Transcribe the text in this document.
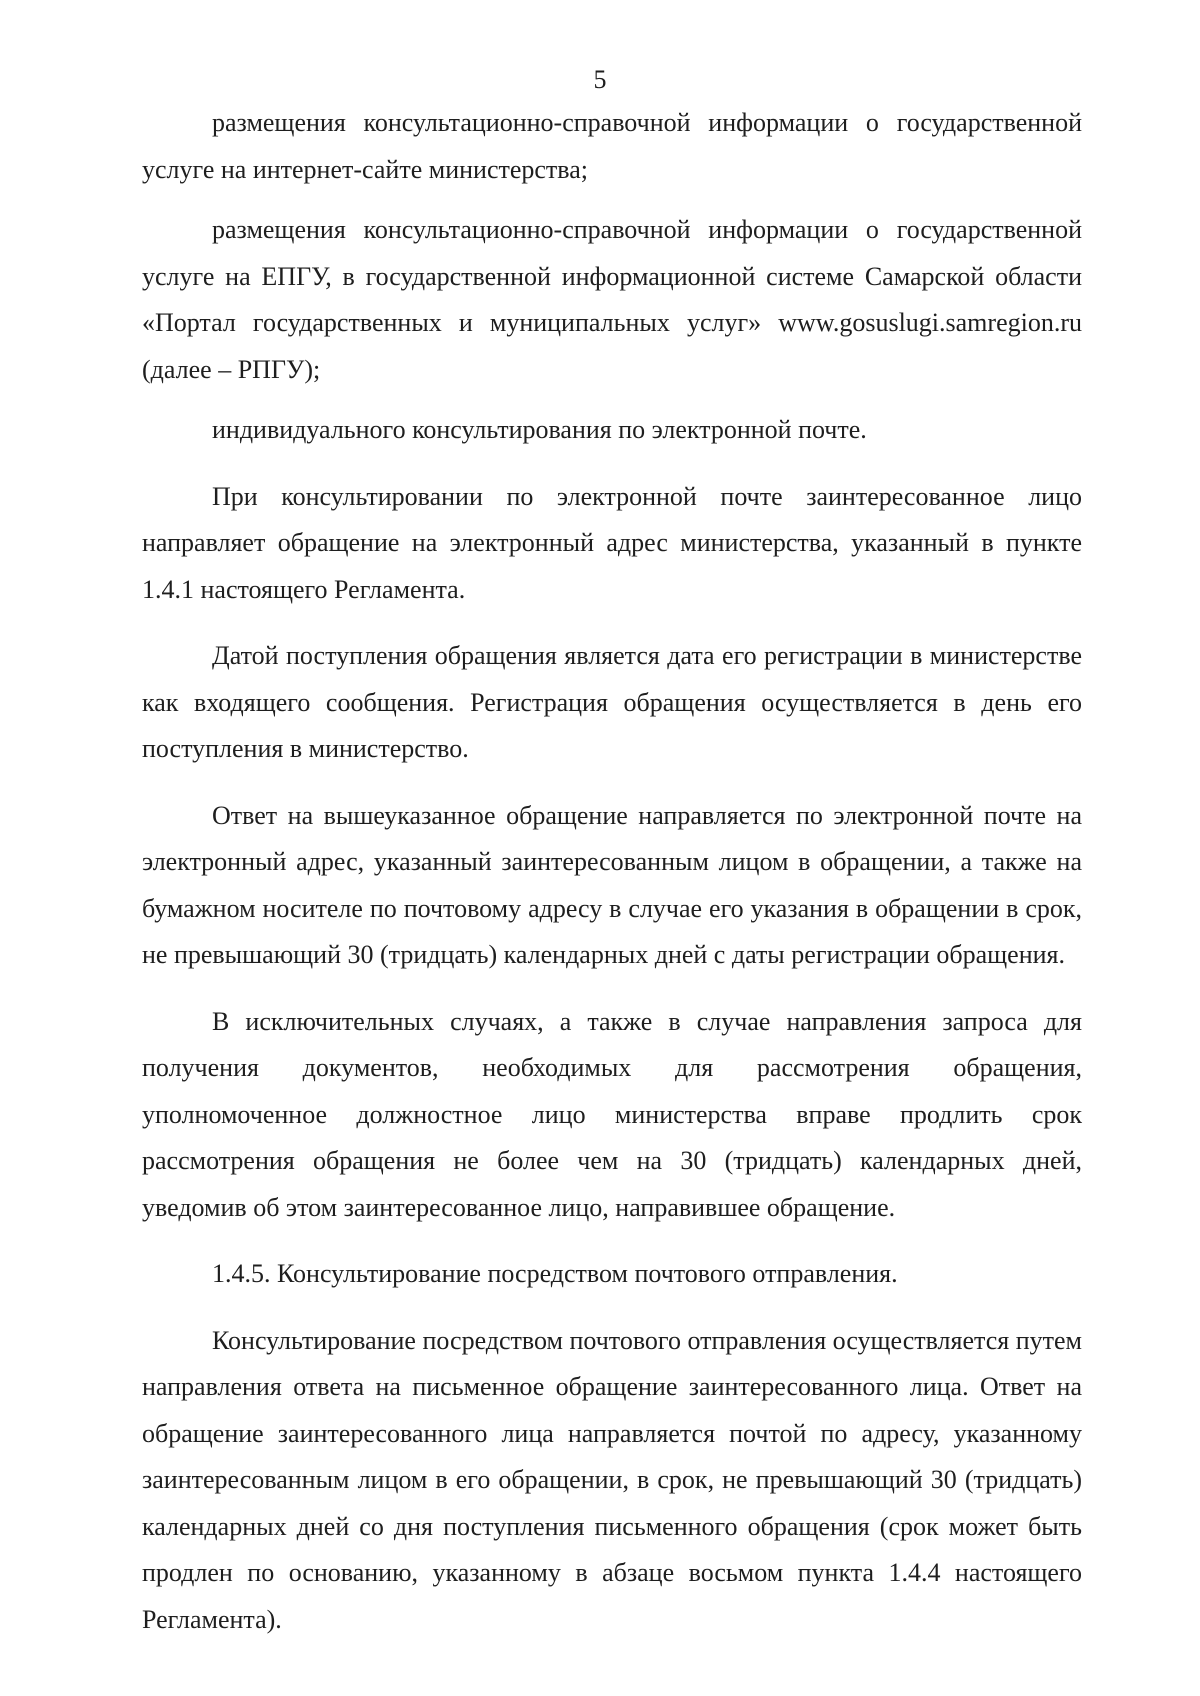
5

размещения консультационно-справочной информации о государственной услуге на интернет-сайте министерства;

размещения консультационно-справочной информации о государственной услуге на ЕПГУ, в государственной информационной системе Самарской области «Портал государственных и муниципальных услуг» www.gosuslugi.samregion.ru (далее – РПГУ);

индивидуального консультирования по электронной почте.

При консультировании по электронной почте заинтересованное лицо направляет обращение на электронный адрес министерства, указанный в пункте 1.4.1 настоящего Регламента.

Датой поступления обращения является дата его регистрации в министерстве как входящего сообщения. Регистрация обращения осуществляется в день его поступления в министерство.

Ответ на вышеуказанное обращение направляется по электронной почте на электронный адрес, указанный заинтересованным лицом в обращении, а также на бумажном носителе по почтовому адресу в случае его указания в обращении в срок, не превышающий 30 (тридцать) календарных дней с даты регистрации обращения.

В исключительных случаях, а также в случае направления запроса для получения документов, необходимых для рассмотрения обращения, уполномоченное должностное лицо министерства вправе продлить срок рассмотрения обращения не более чем на 30 (тридцать) календарных дней, уведомив об этом заинтересованное лицо, направившее обращение.

1.4.5. Консультирование посредством почтового отправления.

Консультирование посредством почтового отправления осуществляется путем направления ответа на письменное обращение заинтересованного лица. Ответ на обращение заинтересованного лица направляется почтой по адресу, указанному заинтересованным лицом в его обращении, в срок, не превышающий 30 (тридцать) календарных дней со дня поступления письменного обращения (срок может быть продлен по основанию, указанному в абзаце восьмом пункта 1.4.4 настоящего Регламента).
